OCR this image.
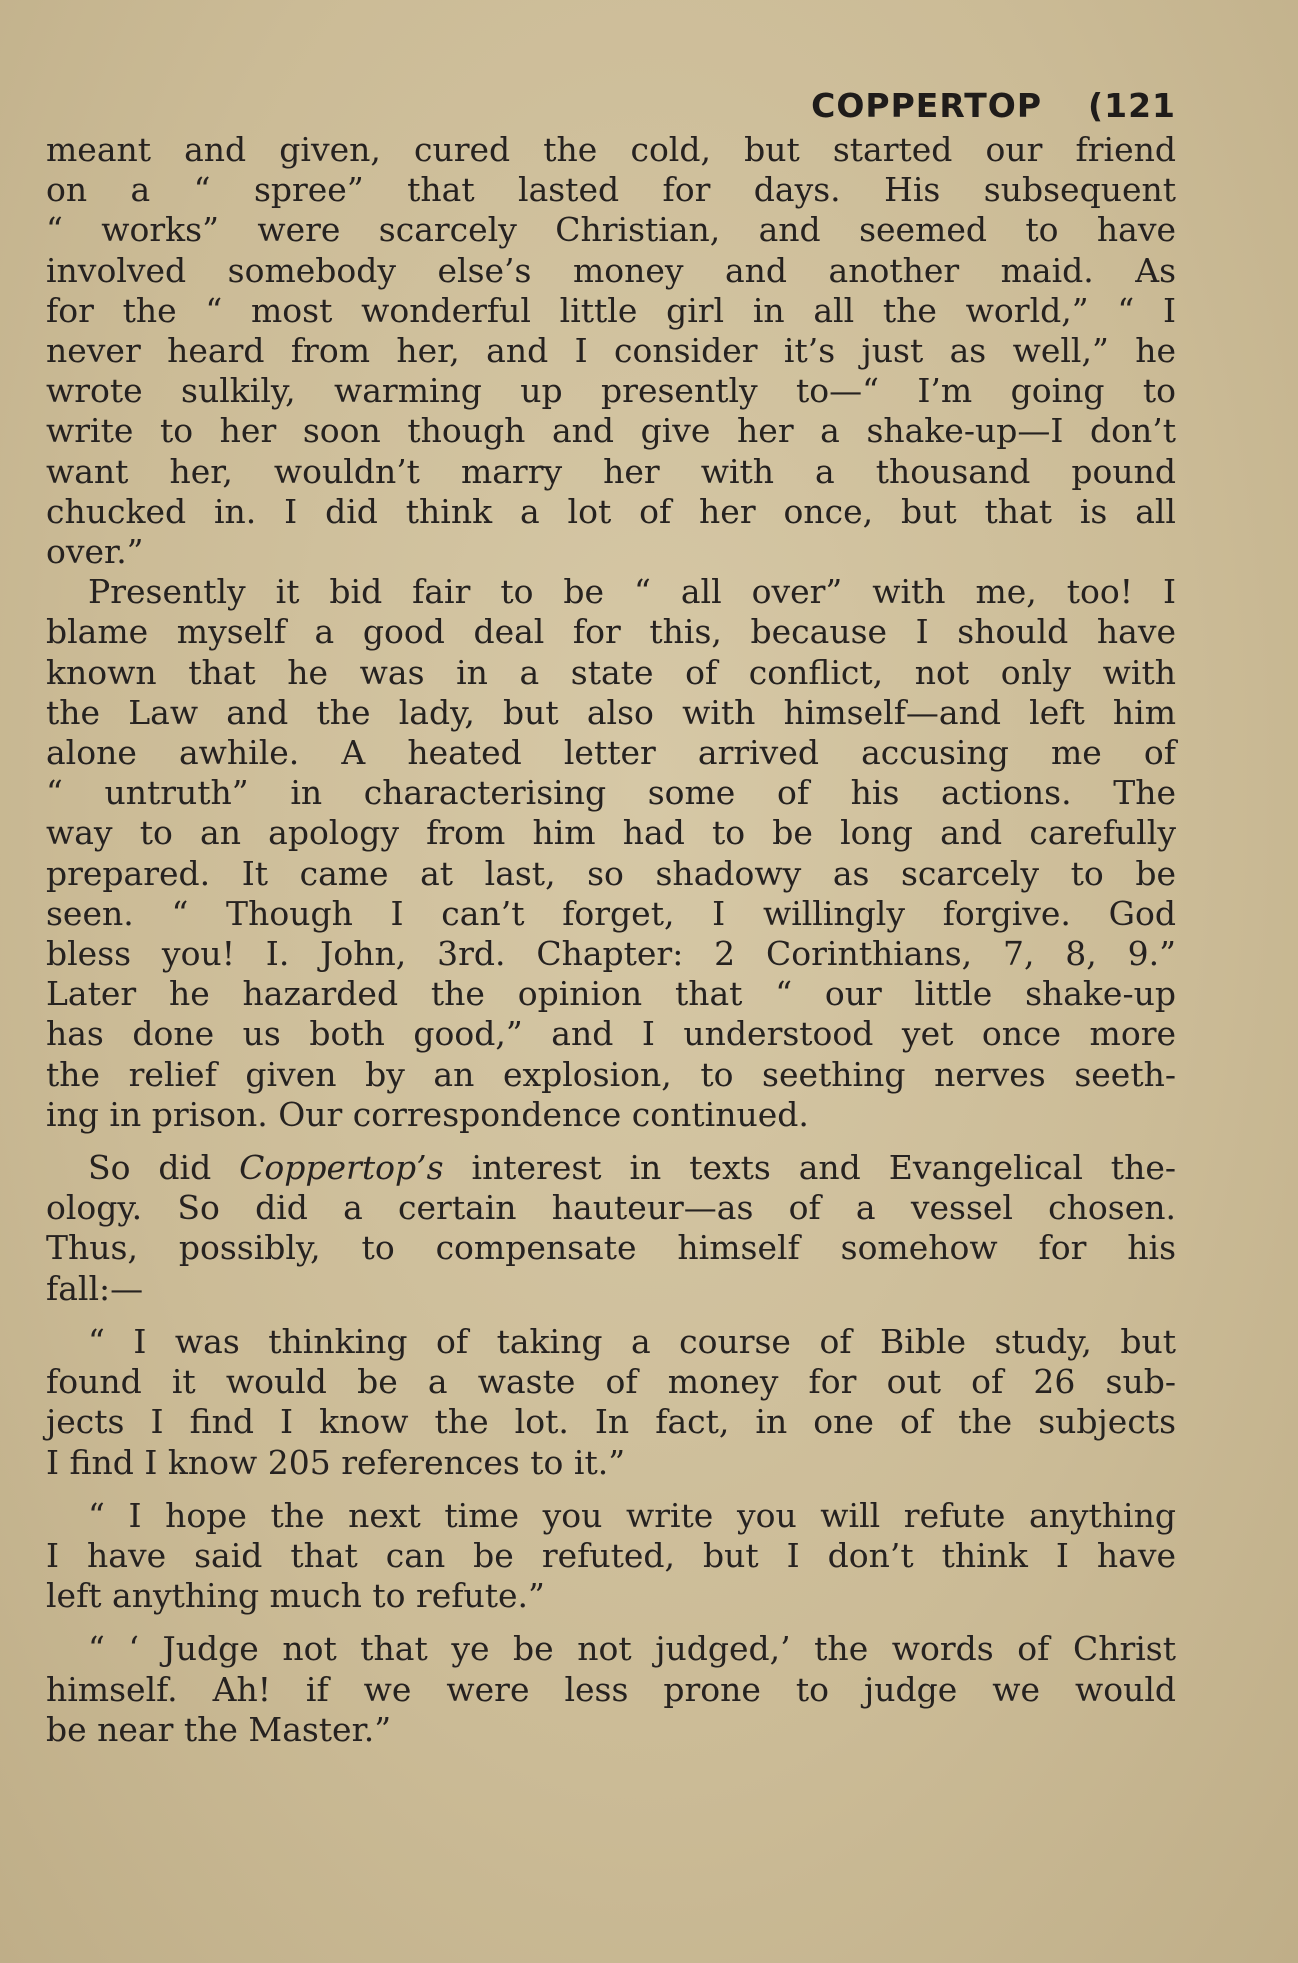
COPPERTOP (121
meant and given, cured the cold, but started our friend
on a “ spree” that lasted for days. His subsequent
“ works” were scarcely Christian, and seemed to have
involved somebody else’s money and another maid. As
for the “ most wonderful little girl in all the world,” “ I
never heard from her, and I consider it’s just as well,” he
wrote sulkily, warming up presently to—“ I’m going to
write to her soon though and give her a shake-up—I don’t
want her, wouldn’t marry her with a thousand pound
chucked in. I did think a lot of her once, but that is all
over.”
Presently it bid fair to be “ all over” with me, too! I
blame myself a good deal for this, because I should have
known that he was in a state of conflict, not only with
the Law and the lady, but also with himself—and left him
alone awhile. A heated letter arrived accusing me of
“ untruth” in characterising some of his actions. The
way to an apology from him had to be long and carefully
prepared. It came at last, so shadowy as scarcely to be
seen. “ Though I can’t forget, I willingly forgive. God
bless you! I. John, 3rd. Chapter: 2 Corinthians, 7, 8, 9.”
Later he hazarded the opinion that “ our little shake-up
has done us both good,” and I understood yet once more
the relief given by an explosion, to seething nerves seeth-
ing in prison. Our correspondence continued.
So did Coppertop’s interest in texts and Evangelical the-
ology. So did a certain hauteur—as of a vessel chosen.
Thus, possibly, to compensate himself somehow for his
fall:—
“ I was thinking of taking a course of Bible study, but
found it would be a waste of money for out of 26 sub-
jects I find I know the lot. In fact, in one of the subjects
I find I know 205 references to it.”
“ I hope the next time you write you will refute anything
I have said that can be refuted, but I don’t think I have
left anything much to refute.”
“ ‘ Judge not that ye be not judged,’ the words of Christ
himself. Ah! if we were less prone to judge we would
be near the Master.”
